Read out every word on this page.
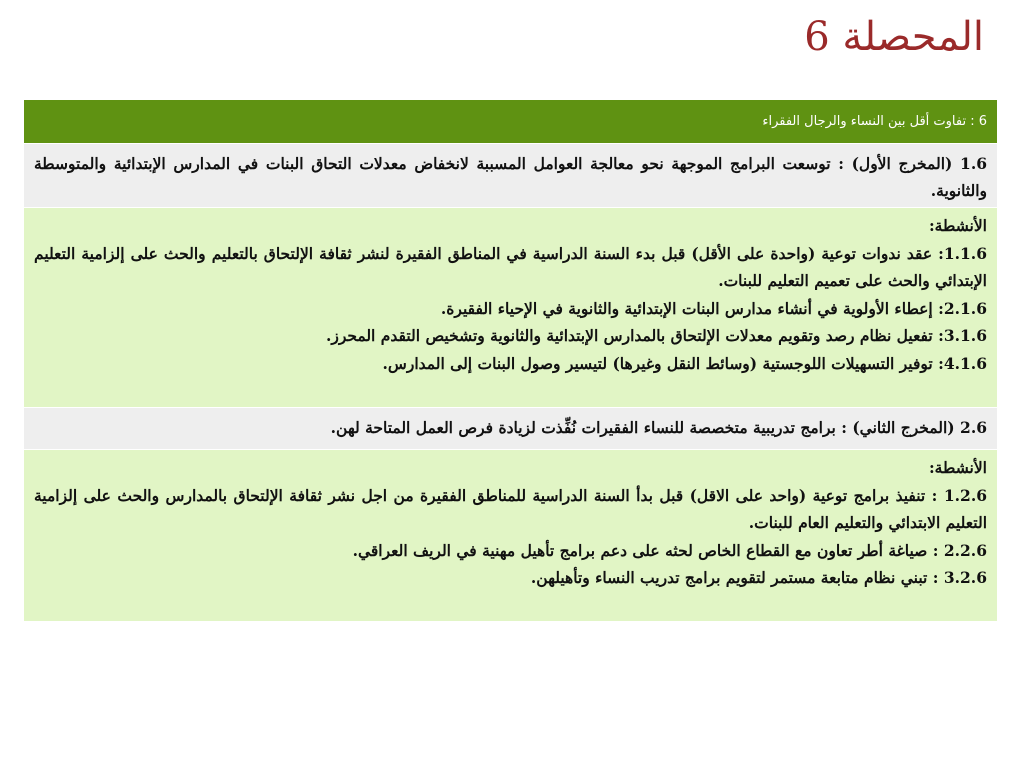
المحصلة 6
6 : تفاوت أقل بين النساء والرجال الفقراء
1.6 (المخرج الأول) : توسعت البرامج الموجهة نحو معالجة العوامل المسببة لانخفاض معدلات التحاق البنات في المدارس الإبتدائية والمتوسطة والثانوية.
الأنشطة:
1.1.6: عقد ندوات توعية (واحدة على الأقل) قبل بدء السنة الدراسية في المناطق الفقيرة لنشر ثقافة الإلتحاق بالتعليم والحث على إلزامية التعليم الإبتدائي والحث على تعميم التعليم للبنات.
2.1.6: إعطاء الأولوية في أنشاء مدارس البنات الإبتدائية والثانوية في الإحياء الفقيرة.
3.1.6: تفعيل نظام رصد وتقويم معدلات الإلتحاق بالمدارس الإبتدائية والثانوية وتشخيص التقدم المحرز.
4.1.6: توفير التسهيلات اللوجستية (وسائط النقل وغيرها) لتيسير وصول البنات إلى المدارس.
2.6 (المخرج الثاني) : برامج تدريبية متخصصة للنساء الفقيرات نُفِّذت لزيادة فرص العمل المتاحة لهن.
الأنشطة:
1.2.6 : تنفيذ برامج توعية (واحد على الاقل) قبل بدأ السنة الدراسية للمناطق الفقيرة من اجل نشر ثقافة الإلتحاق بالمدارس والحث على إلزامية التعليم الابتدائي والتعليم العام للبنات.
2.2.6 : صياغة أطر تعاون مع القطاع الخاص لحثه على دعم برامج تأهيل مهنية في الريف العراقي.
3.2.6 : تبني نظام متابعة مستمر لتقويم برامج تدريب النساء وتأهيلهن.
